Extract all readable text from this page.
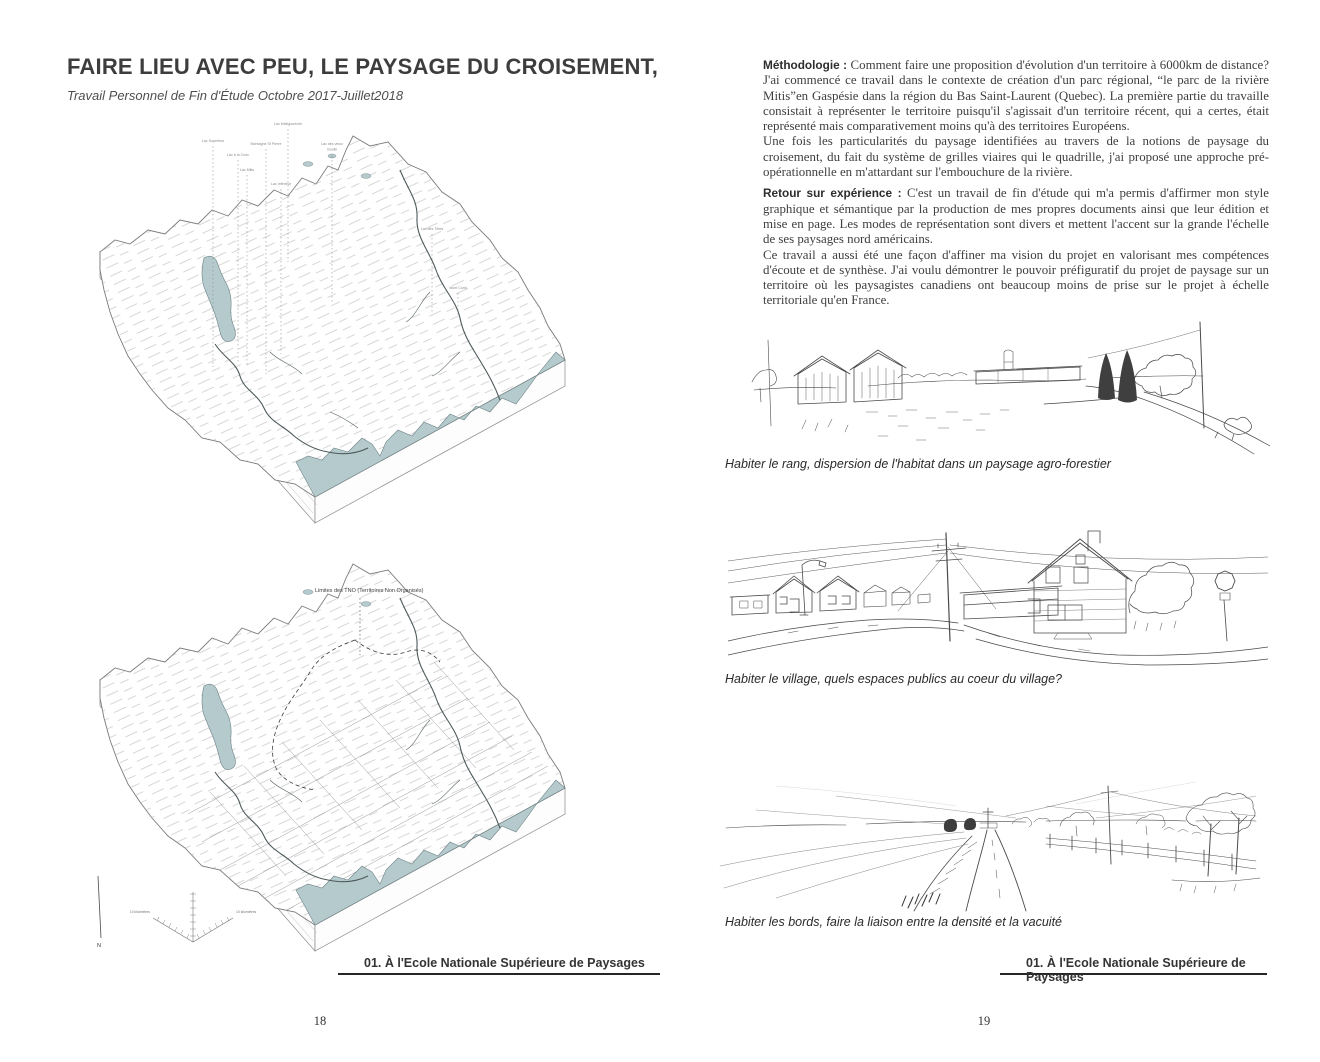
FAIRE LIEU AVEC PEU, LE PAYSAGE DU CROISEMENT,

Travail Personnel de Fin d'Étude Octobre 2017-Juillet2018

Lac Mistigouèche
Lac Supérieur
Lac à la Croix
Lac Mitis
Montagne St Pierre
Lac Inférieur
Lac des vieux
moulin
Lac des Têtes
Mont Comi
Limites des TNO (Territoires Non Organisés)
N
10 kilomètres	10 kilomètres
01. À l'Ecole Nationale Supérieure de Paysages
18

Méthodologie : Comment faire une proposition d'évolution d'un territoire à 6000km de distance? J'ai commencé ce travail dans le contexte de création d'un parc régional, “le parc de la rivière Mitis”en Gaspésie dans la région du Bas Saint-Laurent (Quebec). La première partie du travaille consistait à représenter le territoire puisqu'il s'agissait d'un territoire récent, qui a certes, était représenté mais comparativement moins qu'à des territoires Européens.

Une fois les particularités du paysage identifiées au travers de la notions de paysage du croisement, du fait du système de grilles viaires qui le quadrille, j'ai proposé une approche pré-opérationnelle en m'attardant sur l'embouchure de la rivière.

Retour sur expérience : C'est un travail de fin d'étude qui m'a permis d'affirmer mon style graphique et sémantique par la production de mes propres documents ainsi que leur édition et mise en page. Les modes de représentation sont divers et mettent l'accent sur la grande l'échelle de ses paysages nord américains.

Ce travail a aussi été une façon d'affiner ma vision du projet en valorisant mes compétences d'écoute et de synthèse. J'ai voulu démontrer le pouvoir préfiguratif du projet de paysage sur un territoire où les paysagistes canadiens ont beaucoup moins de prise sur le projet à échelle territoriale qu'en France.

Habiter le rang, dispersion de l'habitat dans un paysage agro-forestier

Habiter le village, quels espaces publics au coeur du village?

Habiter les bords, faire la liaison entre la densité et la vacuité

01. À l'Ecole Nationale Supérieure de Paysages
19
